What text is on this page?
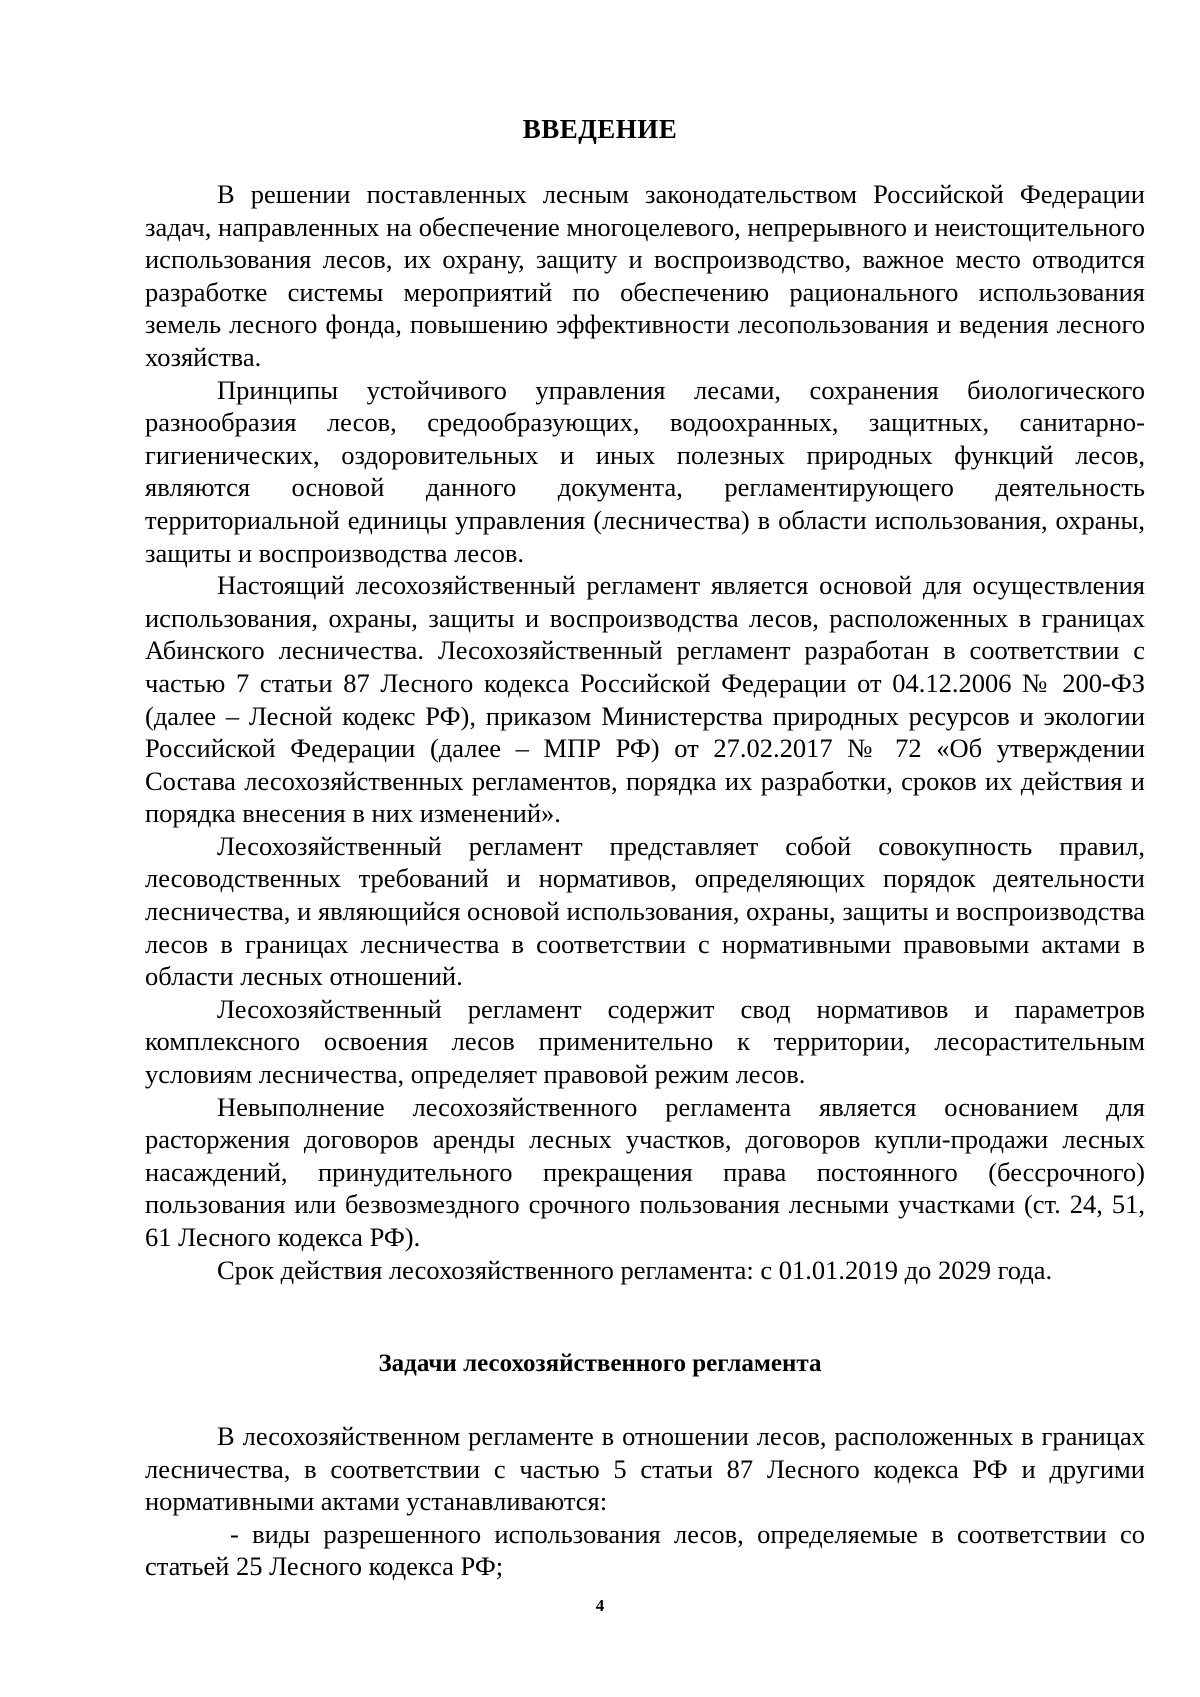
ВВЕДЕНИЕ

В решении поставленных лесным законодательством Российской Федерации задач, направленных на обеспечение многоцелевого, непрерывного и неистощительного использования лесов, их охрану, защиту и воспроизводство, важное место отводится разработке системы мероприятий по обеспечению рационального использования земель лесного фонда, повышению эффективности лесопользования и ведения лесного хозяйства.

Принципы устойчивого управления лесами, сохранения биологического разнообразия лесов, средообразующих, водоохранных, защитных, санитарно-гигиенических, оздоровительных и иных полезных природных функций лесов, являются основой данного документа, регламентирующего деятельность территориальной единицы управления (лесничества) в области использования, охраны, защиты и воспроизводства лесов.

Настоящий лесохозяйственный регламент является основой для осуществления использования, охраны, защиты и воспроизводства лесов, расположенных в границах Абинского лесничества. Лесохозяйственный регламент разработан в соответствии с частью 7 статьи 87 Лесного кодекса Российской Федерации от 04.12.2006 № 200-ФЗ (далее – Лесной кодекс РФ), приказом Министерства природных ресурсов и экологии Российской Федерации (далее – МПР РФ) от 27.02.2017 № 72 «Об утверждении Состава лесохозяйственных регламентов, порядка их разработки, сроков их действия и порядка внесения в них изменений».

Лесохозяйственный регламент представляет собой совокупность правил, лесоводственных требований и нормативов, определяющих порядок деятельности лесничества, и являющийся основой использования, охраны, защиты и воспроизводства лесов в границах лесничества в соответствии с нормативными правовыми актами в области лесных отношений.

Лесохозяйственный регламент содержит свод нормативов и параметров комплексного освоения лесов применительно к территории, лесорастительным условиям лесничества, определяет правовой режим лесов.

Невыполнение лесохозяйственного регламента является основанием для расторжения договоров аренды лесных участков, договоров купли-продажи лесных насаждений, принудительного прекращения права постоянного (бессрочного) пользования или безвозмездного срочного пользования лесными участками (ст. 24, 51, 61 Лесного кодекса РФ).

Срок действия лесохозяйственного регламента: с 01.01.2019 до 2029 года.

Задачи лесохозяйственного регламента

В лесохозяйственном регламенте в отношении лесов, расположенных в границах лесничества, в соответствии с частью 5 статьи 87 Лесного кодекса РФ и другими нормативными актами устанавливаются:

- виды разрешенного использования лесов, определяемые в соответствии со статьей 25 Лесного кодекса РФ;

4
